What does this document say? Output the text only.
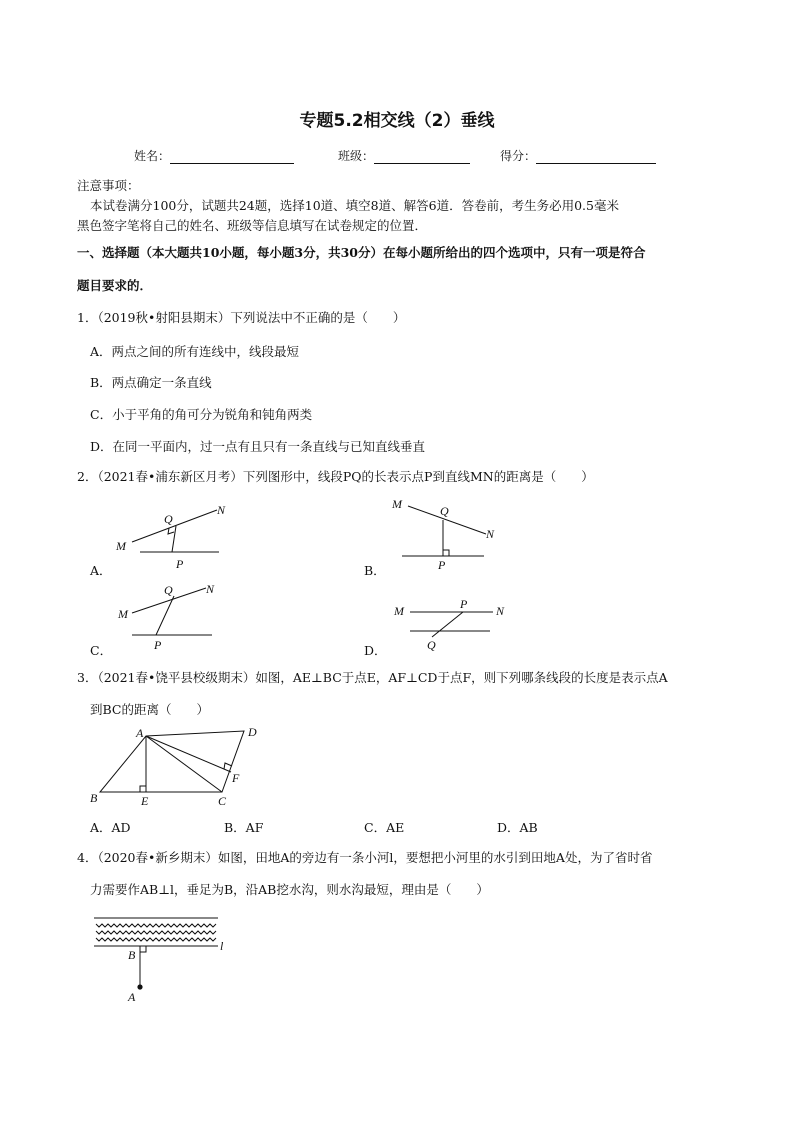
专题5.2相交线（2）垂线
姓名：	班级：	得分：
注意事项：
本试卷满分100分，试题共24题，选择10道、填空8道、解答6道．答卷前，考生务必用0.5毫米
黑色签字笔将自己的姓名、班级等信息填写在试卷规定的位置．
一、选择题（本大题共10小题，每小题3分，共30分）在每小题所给出的四个选项中，只有一项是符合
题目要求的．
1．（2019秋•射阳县期末）下列说法中不正确的是（　　）
A．两点之间的所有连线中，线段最短
B．两点确定一条直线
C．小于平角的角可分为锐角和钝角两类
D．在同一平面内，过一点有且只有一条直线与已知直线垂直
2．（2021春•浦东新区月考）下列图形中，线段PQ的长表示点P到直线MN的距离是（　　）
A．
M
N
Q
P	B．
M
N
Q
P
C．
M
N
Q
P	D．
M	N
P
Q
3．（2021春•饶平县校级期末）如图，AE⊥BC于点E，AF⊥CD于点F，则下列哪条线段的长度是表示点A
到BC的距离（　　）
A	D
B	E	C
F
A．AD	B．AF	C．AE	D．AB
4．（2020春•新乡期末）如图，田地A的旁边有一条小河l，要想把小河里的水引到田地A处，为了省时省
力需要作AB⊥l，垂足为B，沿AB挖水沟，则水沟最短，理由是（　　）
B
l
A
